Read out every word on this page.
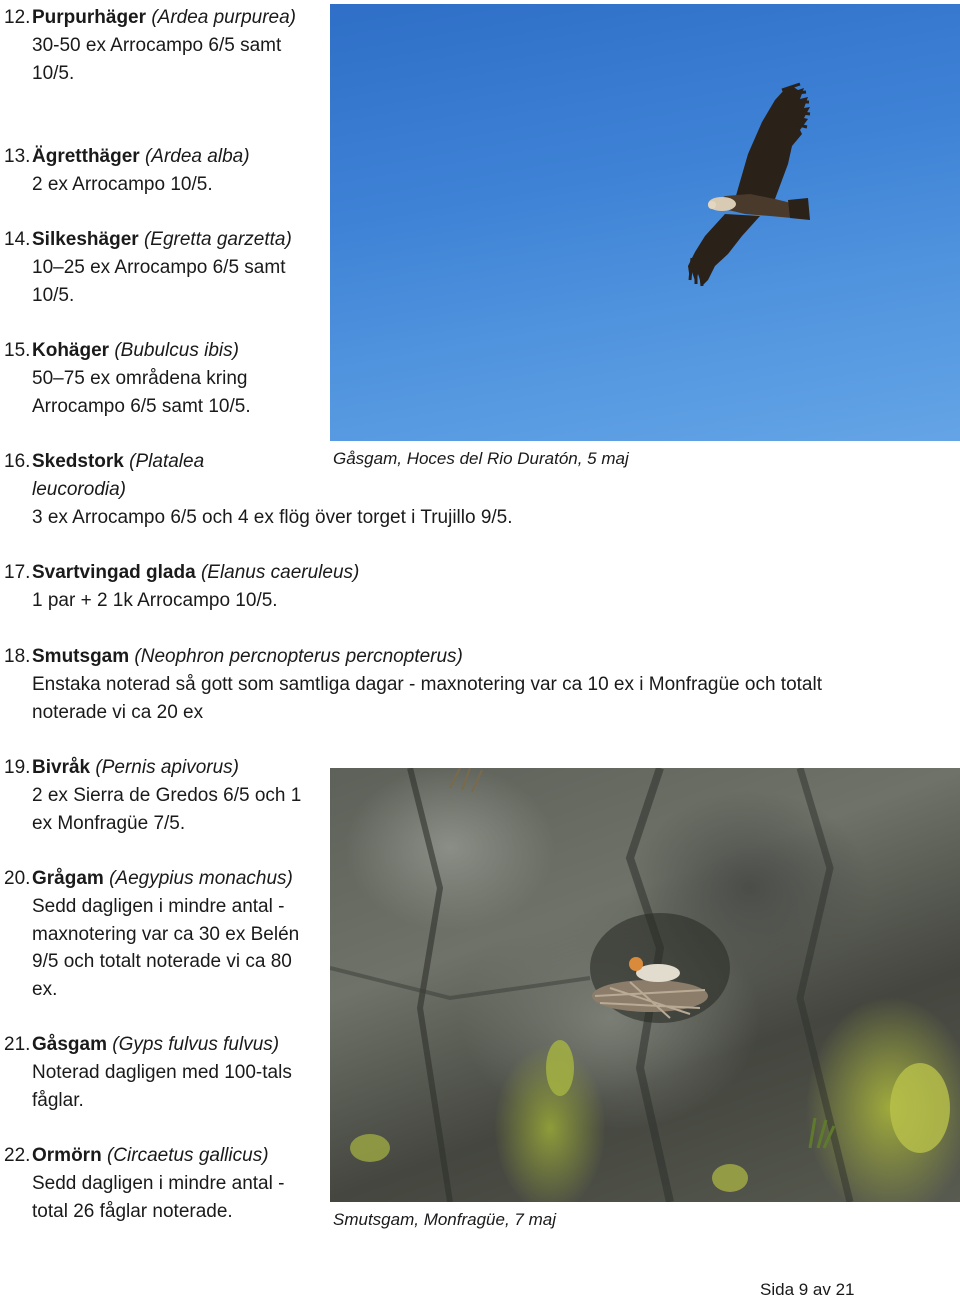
12. Purpurhäger (Ardea purpurea)
30-50 ex Arrocampo 6/5 samt 10/5.
13. Ägretthäger (Ardea alba)
2 ex Arrocampo 10/5.
14. Silkeshäger (Egretta garzetta)
10–25 ex Arrocampo 6/5 samt 10/5.
15. Kohäger (Bubulcus ibis)
50–75 ex områdena kring Arrocampo 6/5 samt 10/5.
16. Skedstork (Platalea leucorodia)
3 ex Arrocampo 6/5 och 4 ex flög över torget i Trujillo 9/5.
17. Svartvingad glada (Elanus caeruleus)
1 par + 2 1k Arrocampo 10/5.
18. Smutsgam (Neophron percnopterus percnopterus)
Enstaka noterad så gott som samtliga dagar - maxnotering var ca 10 ex i Monfragüe och totalt noterade vi ca 20 ex
19. Bivråk (Pernis apivorus)
2 ex Sierra de Gredos 6/5 och 1 ex Monfragüe 7/5.
20. Grågam (Aegypius monachus)
Sedd dagligen i mindre antal - maxnotering var ca 30 ex Belén 9/5 och totalt noterade vi ca 80 ex.
21. Gåsgam (Gyps fulvus fulvus)
Noterad dagligen med 100-tals fåglar.
22. Ormörn (Circaetus gallicus)
Sedd dagligen i mindre antal - total 26 fåglar noterade.
Gåsgam, Hoces del Rio Duratón, 5 maj
Smutsgam, Monfragüe, 7 maj
Sida 9 av 21
